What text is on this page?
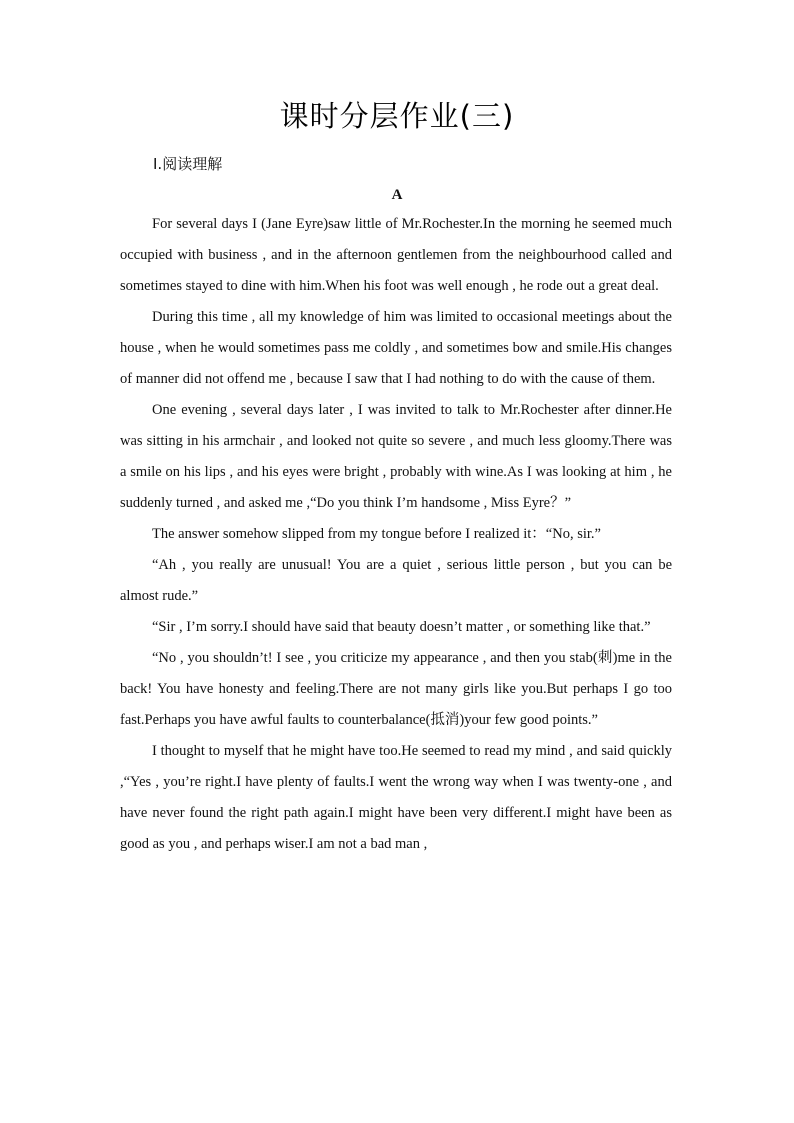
课时分层作业(三)
Ⅰ.阅读理解
A

For several days I (Jane Eyre)saw little of Mr.Rochester.In the morning he seemed much occupied with business , and in the afternoon gentlemen from the neighbourhood called and sometimes stayed to dine with him.When his foot was well enough , he rode out a great deal.

During this time , all my knowledge of him was limited to occasional meetings about the house , when he would sometimes pass me coldly , and sometimes bow and smile.His changes of manner did not offend me , because I saw that I had nothing to do with the cause of them.

One evening , several days later , I was invited to talk to Mr.Rochester after dinner.He was sitting in his armchair , and looked not quite so severe , and much less gloomy.There was a smile on his lips , and his eyes were bright , probably with wine.As I was looking at him , he suddenly turned , and asked me ,“Do you think I’m handsome , Miss Eyre？”

The answer somehow slipped from my tongue before I realized it：“No, sir.”

“Ah , you really are unusual! You are a quiet , serious little person , but you can be almost rude.”

“Sir , I’m sorry.I should have said that beauty doesn’t matter , or something like that.”

“No , you shouldn’t! I see , you criticize my appearance , and then you stab(刺)me in the back! You have honesty and feeling.There are not many girls like you.But perhaps I go too fast.Perhaps you have awful faults to counterbalance(抵消)your few good points.”

I thought to myself that he might have too.He seemed to read my mind , and said quickly ,“Yes , you’re right.I have plenty of faults.I went the wrong way when I was twenty-one , and have never found the right path again.I might have been very different.I might have been as good as you , and perhaps wiser.I am not a bad man ,
